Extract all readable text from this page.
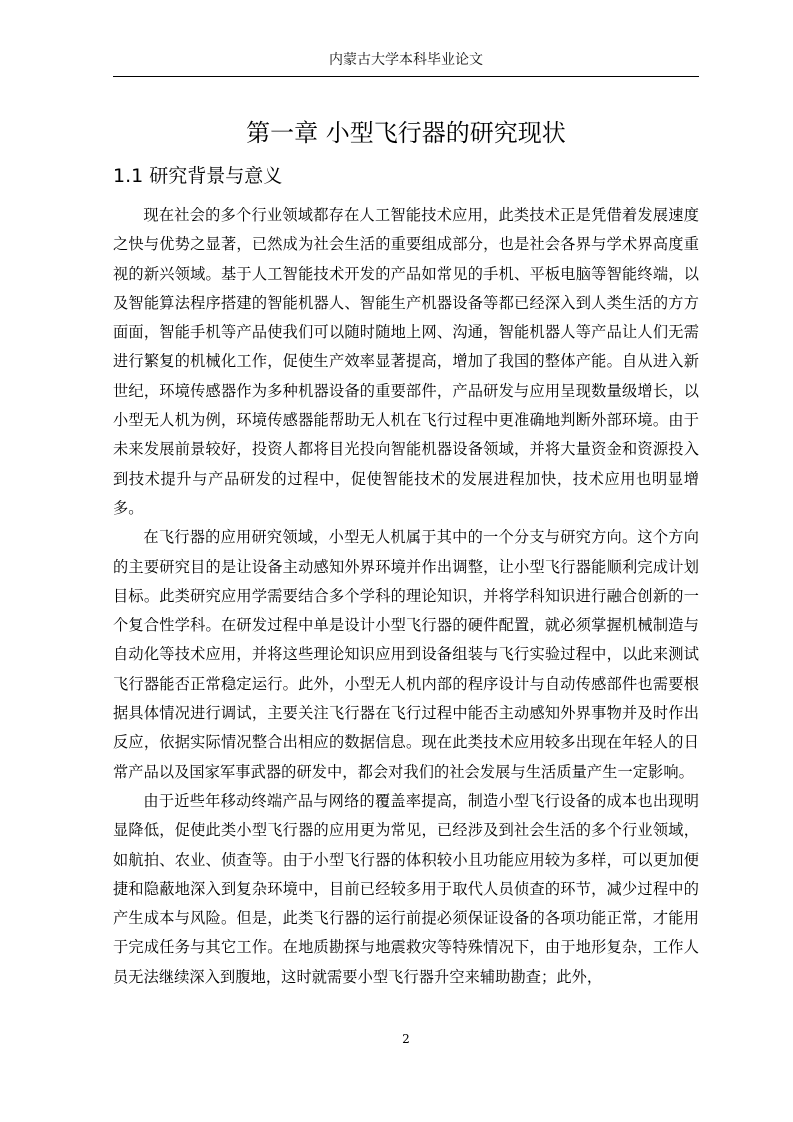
内蒙古大学本科毕业论文
第一章 小型飞行器的研究现状
1.1 研究背景与意义

现在社会的多个行业领域都存在人工智能技术应用，此类技术正是凭借着发展速度之快与优势之显著，已然成为社会生活的重要组成部分，也是社会各界与学术界高度重视的新兴领域。基于人工智能技术开发的产品如常见的手机、平板电脑等智能终端，以及智能算法程序搭建的智能机器人、智能生产机器设备等都已经深入到人类生活的方方面面，智能手机等产品使我们可以随时随地上网、沟通，智能机器人等产品让人们无需进行繁复的机械化工作，促使生产效率显著提高，增加了我国的整体产能。自从进入新世纪，环境传感器作为多种机器设备的重要部件，产品研发与应用呈现数量级增长，以小型无人机为例，环境传感器能帮助无人机在飞行过程中更准确地判断外部环境。由于未来发展前景较好，投资人都将目光投向智能机器设备领域，并将大量资金和资源投入到技术提升与产品研发的过程中，促使智能技术的发展进程加快，技术应用也明显增多。

在飞行器的应用研究领域，小型无人机属于其中的一个分支与研究方向。这个方向的主要研究目的是让设备主动感知外界环境并作出调整，让小型飞行器能顺利完成计划目标。此类研究应用学需要结合多个学科的理论知识，并将学科知识进行融合创新的一个复合性学科。在研发过程中单是设计小型飞行器的硬件配置，就必须掌握机械制造与自动化等技术应用，并将这些理论知识应用到设备组装与飞行实验过程中，以此来测试飞行器能否正常稳定运行。此外，小型无人机内部的程序设计与自动传感部件也需要根据具体情况进行调试，主要关注飞行器在飞行过程中能否主动感知外界事物并及时作出反应，依据实际情况整合出相应的数据信息。现在此类技术应用较多出现在年轻人的日常产品以及国家军事武器的研发中，都会对我们的社会发展与生活质量产生一定影响。

由于近些年移动终端产品与网络的覆盖率提高，制造小型飞行设备的成本也出现明显降低，促使此类小型飞行器的应用更为常见，已经涉及到社会生活的多个行业领域，如航拍、农业、侦查等。由于小型飞行器的体积较小且功能应用较为多样，可以更加便捷和隐蔽地深入到复杂环境中，目前已经较多用于取代人员侦查的环节，减少过程中的产生成本与风险。但是，此类飞行器的运行前提必须保证设备的各项功能正常，才能用于完成任务与其它工作。在地质勘探与地震救灾等特殊情况下，由于地形复杂，工作人员无法继续深入到腹地，这时就需要小型飞行器升空来辅助勘查；此外，

2
